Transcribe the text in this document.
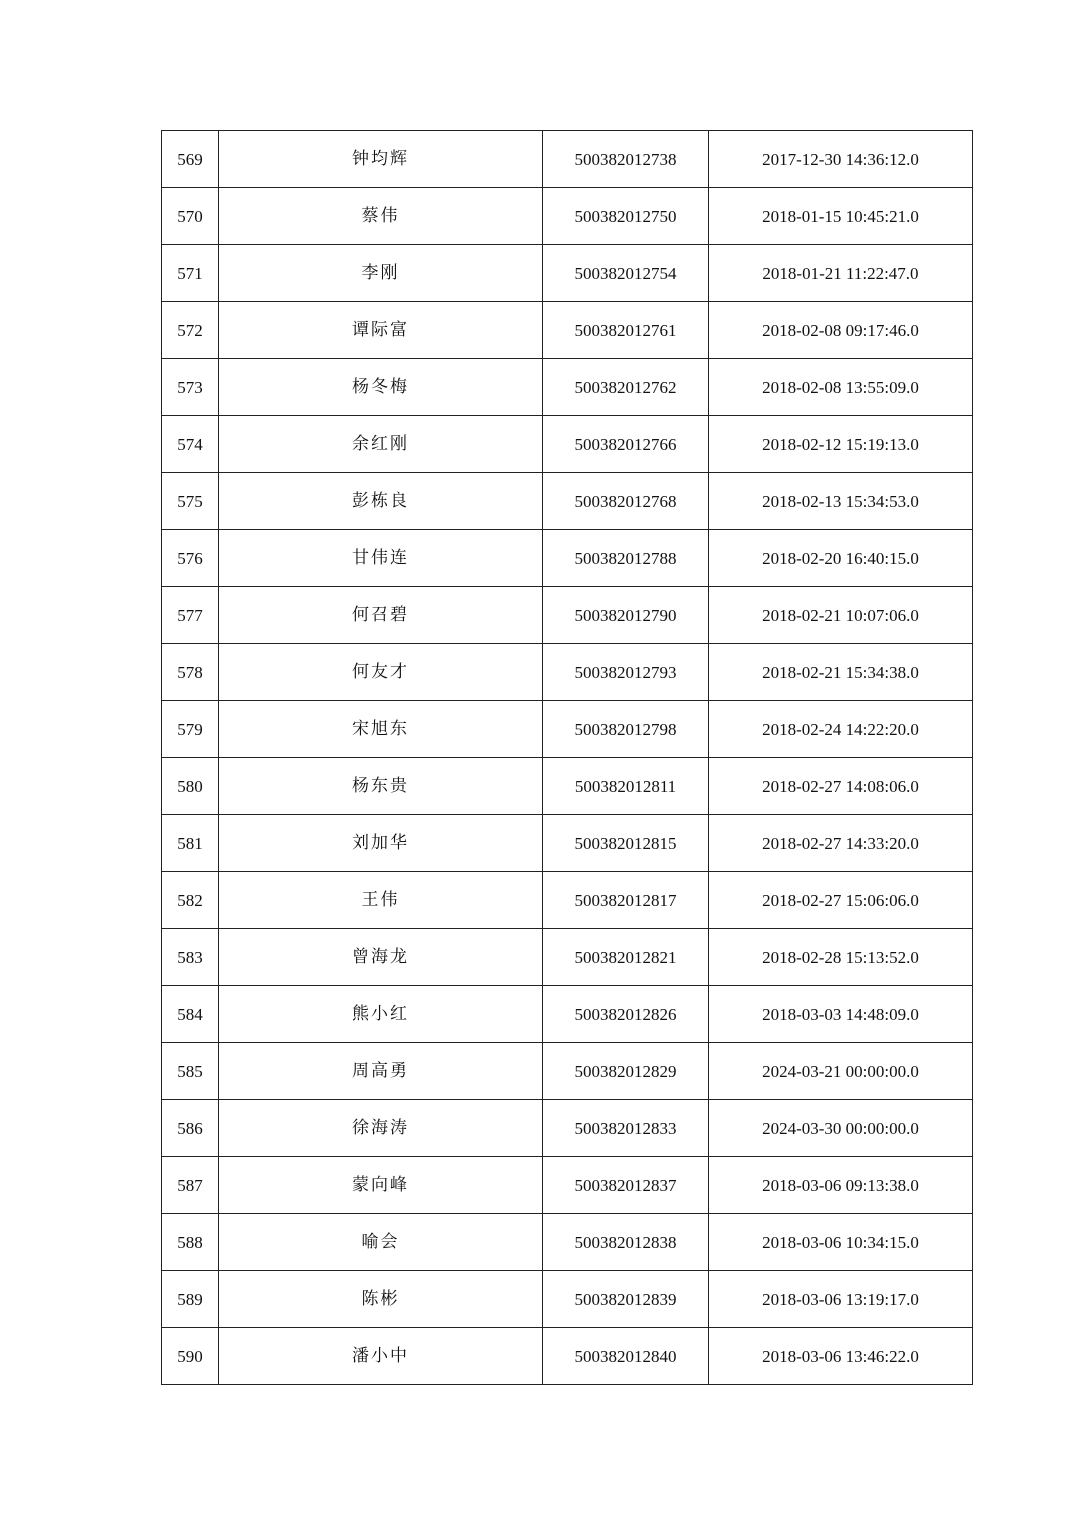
569	钟均辉	500382012738	2017-12-30 14:36:12.0
570	蔡伟	500382012750	2018-01-15 10:45:21.0
571	李刚	500382012754	2018-01-21 11:22:47.0
572	谭际富	500382012761	2018-02-08 09:17:46.0
573	杨冬梅	500382012762	2018-02-08 13:55:09.0
574	余红刚	500382012766	2018-02-12 15:19:13.0
575	彭栋良	500382012768	2018-02-13 15:34:53.0
576	甘伟连	500382012788	2018-02-20 16:40:15.0
577	何召碧	500382012790	2018-02-21 10:07:06.0
578	何友才	500382012793	2018-02-21 15:34:38.0
579	宋旭东	500382012798	2018-02-24 14:22:20.0
580	杨东贵	500382012811	2018-02-27 14:08:06.0
581	刘加华	500382012815	2018-02-27 14:33:20.0
582	王伟	500382012817	2018-02-27 15:06:06.0
583	曾海龙	500382012821	2018-02-28 15:13:52.0
584	熊小红	500382012826	2018-03-03 14:48:09.0
585	周高勇	500382012829	2024-03-21 00:00:00.0
586	徐海涛	500382012833	2024-03-30 00:00:00.0
587	蒙向峰	500382012837	2018-03-06 09:13:38.0
588	喻会	500382012838	2018-03-06 10:34:15.0
589	陈彬	500382012839	2018-03-06 13:19:17.0
590	潘小中	500382012840	2018-03-06 13:46:22.0
